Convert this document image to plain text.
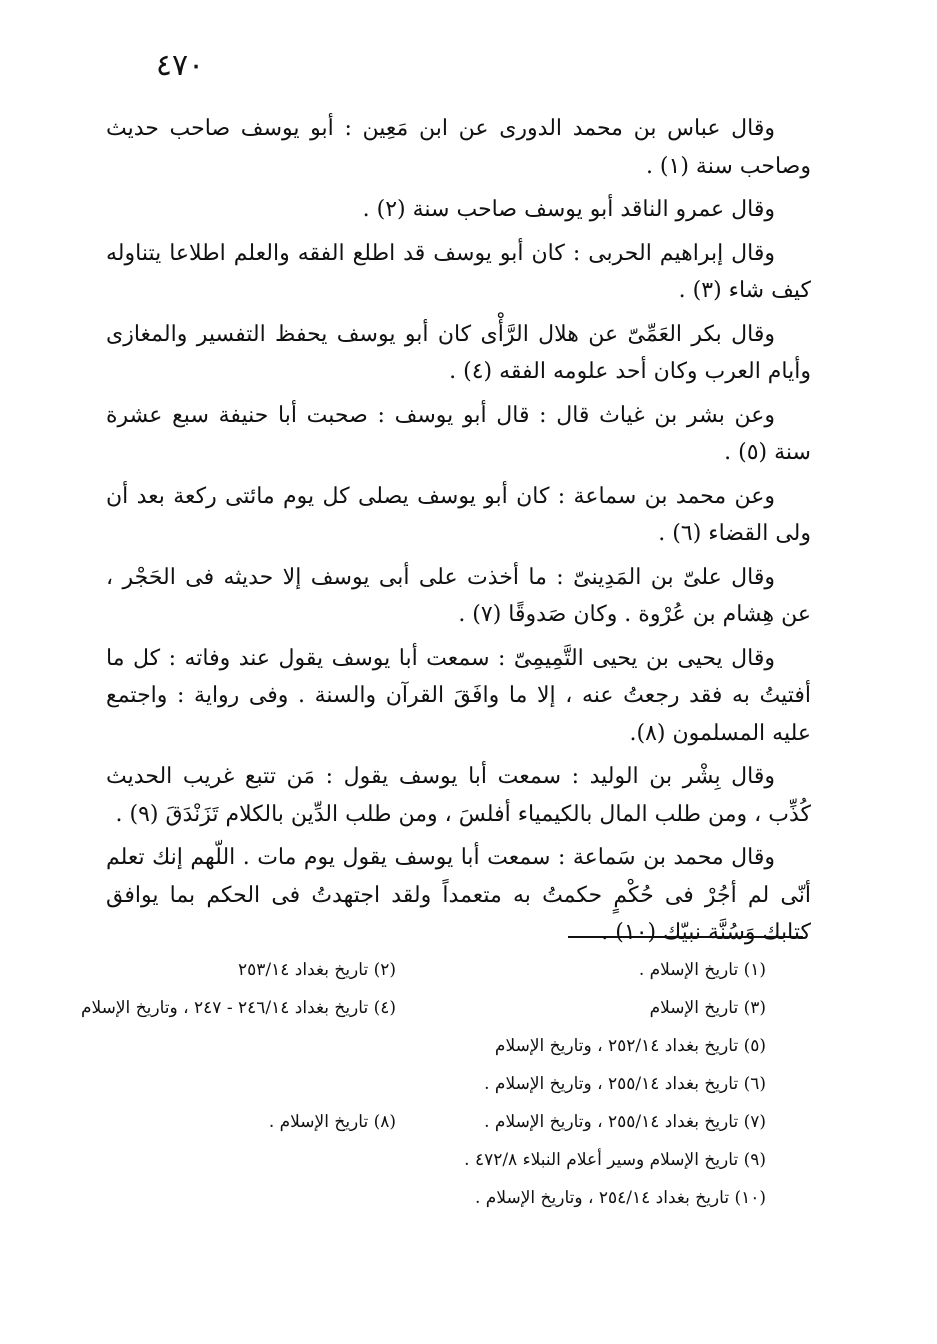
٤٧٠

وقال عباس بن محمد الدورى عن ابن مَعِين : أبو يوسف صاحب حديث وصاحب سنة (١) .

وقال عمرو الناقد أبو يوسف صاحب سنة (٢) .

وقال إبراهيم الحربى : كان أبو يوسف قد اطلع الفقه والعلم اطلاعا يتناوله كيف شاء (٣) .

وقال بكر العَمِّىّ عن هلال الرَّأْى كان أبو يوسف يحفظ التفسير والمغازى وأيام العرب وكان أحد علومه الفقه (٤) .

وعن بشر بن غياث قال : قال أبو يوسف : صحبت أبا حنيفة سبع عشرة سنة (٥) .

وعن محمد بن سماعة : كان أبو يوسف يصلى كل يوم مائتى ركعة بعد أن ولى القضاء (٦) .

وقال علىّ بن المَدِينىّ : ما أخذت على أبى يوسف إلا حديثه فى الحَجْر ، عن هِشام بن عُرْوة . وكان صَدوقًا (٧) .

وقال يحيى بن يحيى التَّمِيمِىّ : سمعت أبا يوسف يقول عند وفاته : كل ما أفتيتُ به فقد رجعتُ عنه ، إلا ما وافَقَ القرآن والسنة . وفى رواية : واجتمع عليه المسلمون (٨).

وقال بِشْر بن الوليد : سمعت أبا يوسف يقول : مَن تتبع غريب الحديث كُذِّب ، ومن طلب المال بالكيمياء أفلسَ ، ومن طلب الدِّين بالكلام تَزَنْدَقَ (٩) .

وقال محمد بن سَماعة : سمعت أبا يوسف يقول يوم مات . اللّهم إنك تعلم أنّى لم أجُرْ فى حُكْمٍ حكمتُ به متعمداً ولقد اجتهدتُ فى الحكم بما يوافق كتابك وَسُنَّة نبيّك (١٠) .

(١) تاريخ الإسلام .
(٢) تاريخ بغداد ٢٥٣/١٤
(٣) تاريخ الإسلام
(٤) تاريخ بغداد ٢٤٦/١٤ - ٢٤٧ ، وتاريخ الإسلام
(٥) تاريخ بغداد ٢٥٢/١٤ ، وتاريخ الإسلام
(٦) تاريخ بغداد ٢٥٥/١٤ ، وتاريخ الإسلام .
(٧) تاريخ بغداد ٢٥٥/١٤ ، وتاريخ الإسلام .
(٨) تاريخ الإسلام .
(٩) تاريخ الإسلام وسير أعلام النبلاء ٤٧٢/٨ .
(١٠) تاريخ بغداد ٢٥٤/١٤ ، وتاريخ الإسلام .
